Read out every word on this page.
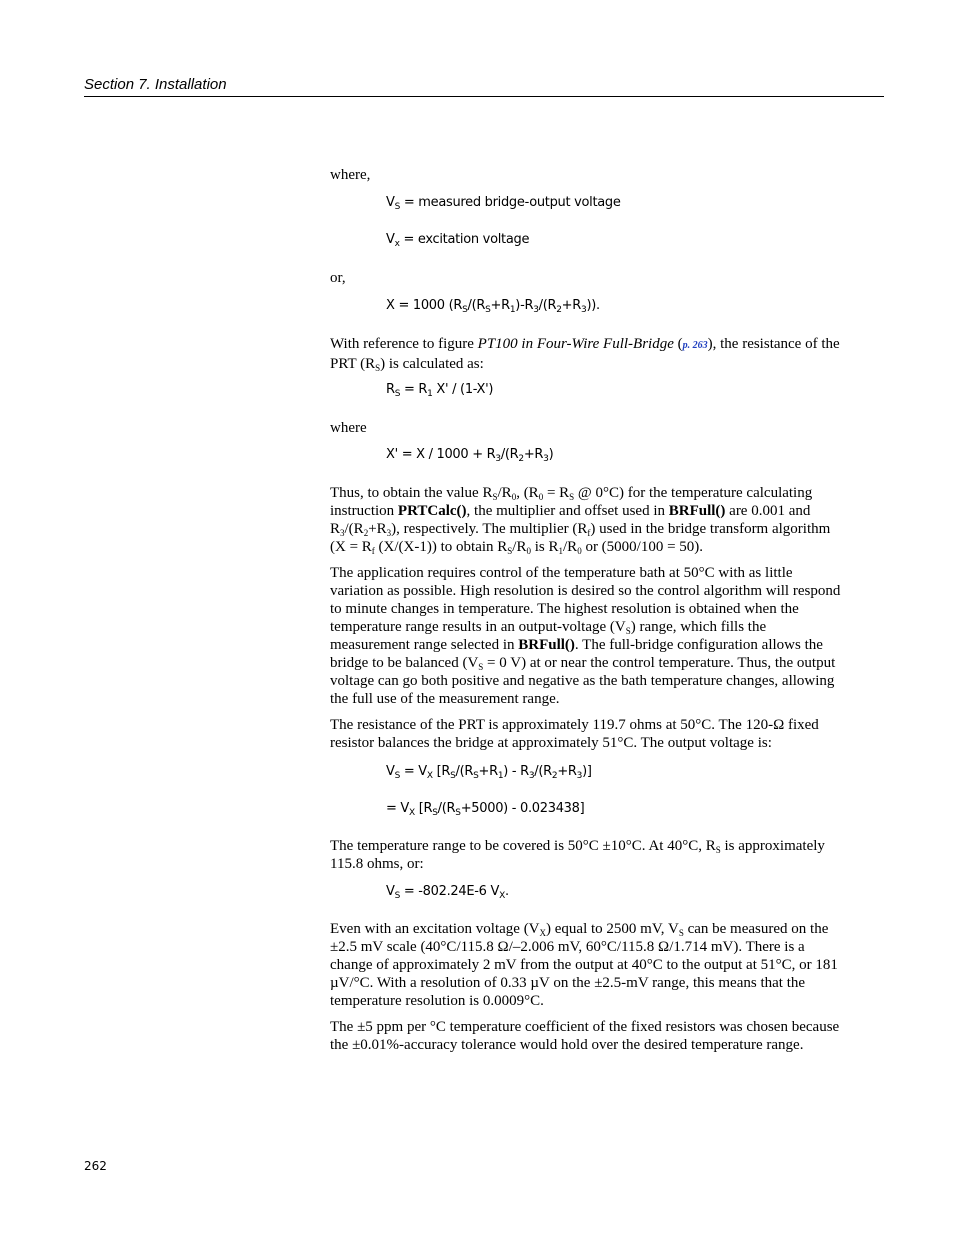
Section 7. Installation

where,

$V_S$ = measured bridge-output voltage
$V_x$ = excitation voltage

or,

X = 1000 $(R_S/(R_S+R_1)-R_3/(R_2+R_3))$.

With reference to figure PT100 in Four-Wire Full-Bridge (p. 263), the resistance of the PRT $(R_S)$ is calculated as:

$R_S = R_1$ X' / (1-X')

where

$X' = X / 1000 + R_3/(R_2+R_3)$

Thus, to obtain the value $R_S/R_0$, ($R_0 = R_S$ @ 0°C) for the temperature calculating instruction PRTCalc(), the multiplier and offset used in BRFull() are 0.001 and $R_3/(R_2+R_3)$, respectively. The multiplier $(R_f)$ used in the bridge transform algorithm ($X = R_f$ (X/(X-1)) to obtain $R_S/R_0$ is $R_1/R_0$ or (5000/100 = 50).

The application requires control of the temperature bath at 50°C with as little variation as possible. High resolution is desired so the control algorithm will respond to minute changes in temperature. The highest resolution is obtained when the temperature range results in an output-voltage $(V_S)$ range, which fills the measurement range selected in BRFull(). The full-bridge configuration allows the bridge to be balanced ($V_S = 0$ V) at or near the control temperature. Thus, the output voltage can go both positive and negative as the bath temperature changes, allowing the full use of the measurement range.

The resistance of the PRT is approximately 119.7 ohms at 50°C. The 120-Ω fixed resistor balances the bridge at approximately 51°C. The output voltage is:

$V_S = V_X$ $[R_S/(R_S+R_1) - R_3/(R_2+R_3)]$
= $V_X$ $[R_S/(R_S+5000) - 0.023438]$

The temperature range to be covered is 50°C ±10°C. At 40°C, $R_S$ is approximately 115.8 ohms, or:

$V_S = -802.24E-6$ $V_X$.

Even with an excitation voltage $(V_X)$ equal to 2500 mV, $V_S$ can be measured on the ±2.5 mV scale (40°C/115.8 Ω/–2.006 mV, 60°C/115.8 Ω/1.714 mV). There is a change of approximately 2 mV from the output at 40°C to the output at 51°C, or 181 µV/°C. With a resolution of 0.33 µV on the ±2.5-mV range, this means that the temperature resolution is 0.0009°C.

The ±5 ppm per °C temperature coefficient of the fixed resistors was chosen because the ±0.01%-accuracy tolerance would hold over the desired temperature range.

262
